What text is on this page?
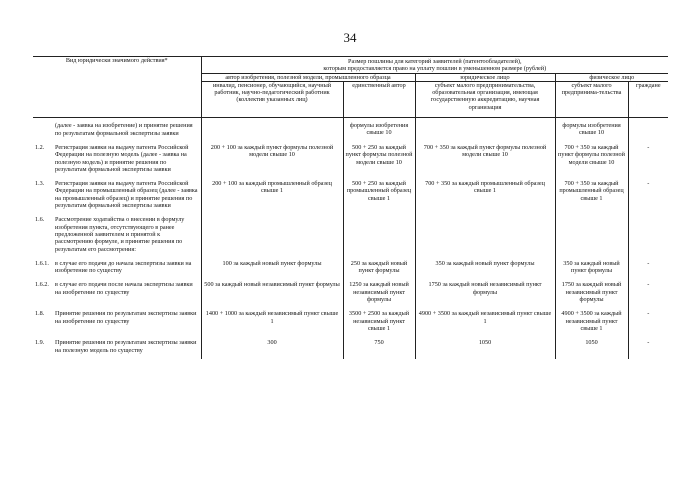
34
Вид юридически значимого действия*		Размер пошлины для категорий заявителей (патентообладателей),
которым предоставляется право на уплату пошлин в уменьшенном размере (рублей)				

		автор изобретения, полезной модели, промышленного образца		юридическое лицо	физическое лицо	
		инвалид, пенсионер, обучающийся, научный работник, научно-педагогический работник (коллектив указанных лиц)	единственный автор	субъект малого предпринимательства, образовательная организация, имеющая государственную аккредитацию, научная организация	субъект малого предпринима-тельства	граждане

	(далее - заявка на изобретение) и принятие решения по результатам формальной экспертизы заявки		формулы изобретения свыше 10		формулы изобретения свыше 10	
1.2.	Регистрация заявки на выдачу патента Российской Федерации на полезную модель (далее - заявка на полезную модель) и принятие решения по результатам формальной экспертизы заявки	200 + 100 за каждый пункт формулы полезной модели свыше 10	500 + 250 за каждый пункт формулы полезной модели свыше 10	700 + 350 за каждый пункт формулы полезной модели свыше 10	700 + 350 за каждый пункт формулы полезной модели свыше 10	-
1.3.	Регистрация заявки на выдачу патента Российской Федерации на промышленный образец (далее - заявка на промышленный образец) и принятие решения по результатам формальной экспертизы заявки	200 + 100 за каждый промышленный образец свыше 1	500 + 250 за каждый промышленный образец свыше 1	700 + 350 за каждый промышленный образец свыше 1	700 + 350 за каждый промышленный образец свыше 1	-
1.6.	Рассмотрение ходатайства о внесении в формулу изобретения пункта, отсутствующего в ранее предложенной заявителем и принятой к рассмотрению формуле, и принятие решения по результатам его рассмотрения:					
1.6.1.	в случае его подачи до начала экспертизы заявки на изобретение по существу	100 за каждый новый пункт формулы	250 за каждый новый пункт формулы	350 за каждый новый пункт формулы	350 за каждый новый пункт формулы	-
1.6.2.	в случае его подачи после начала экспертизы заявки на изобретение по существу	500 за каждый новый независимый пункт формулы	1250 за каждый новый независимый пункт формулы	1750 за каждый новый независимый пункт формулы	1750 за каждый новый независимый пункт формулы	-
1.8.	Принятие решения по результатам экспертизы заявки на изобретение по существу	1400 + 1000 за каждый независимый пункт свыше 1	3500 + 2500 за каждый независимый пункт свыше 1	4900 + 3500 за каждый независимый пункт свыше 1	4900 + 3500 за каждый независимый пункт свыше 1	-
1.9.	Принятие решения по результатам экспертизы заявки на полезную модель по существу	300	750	1050	1050	-
